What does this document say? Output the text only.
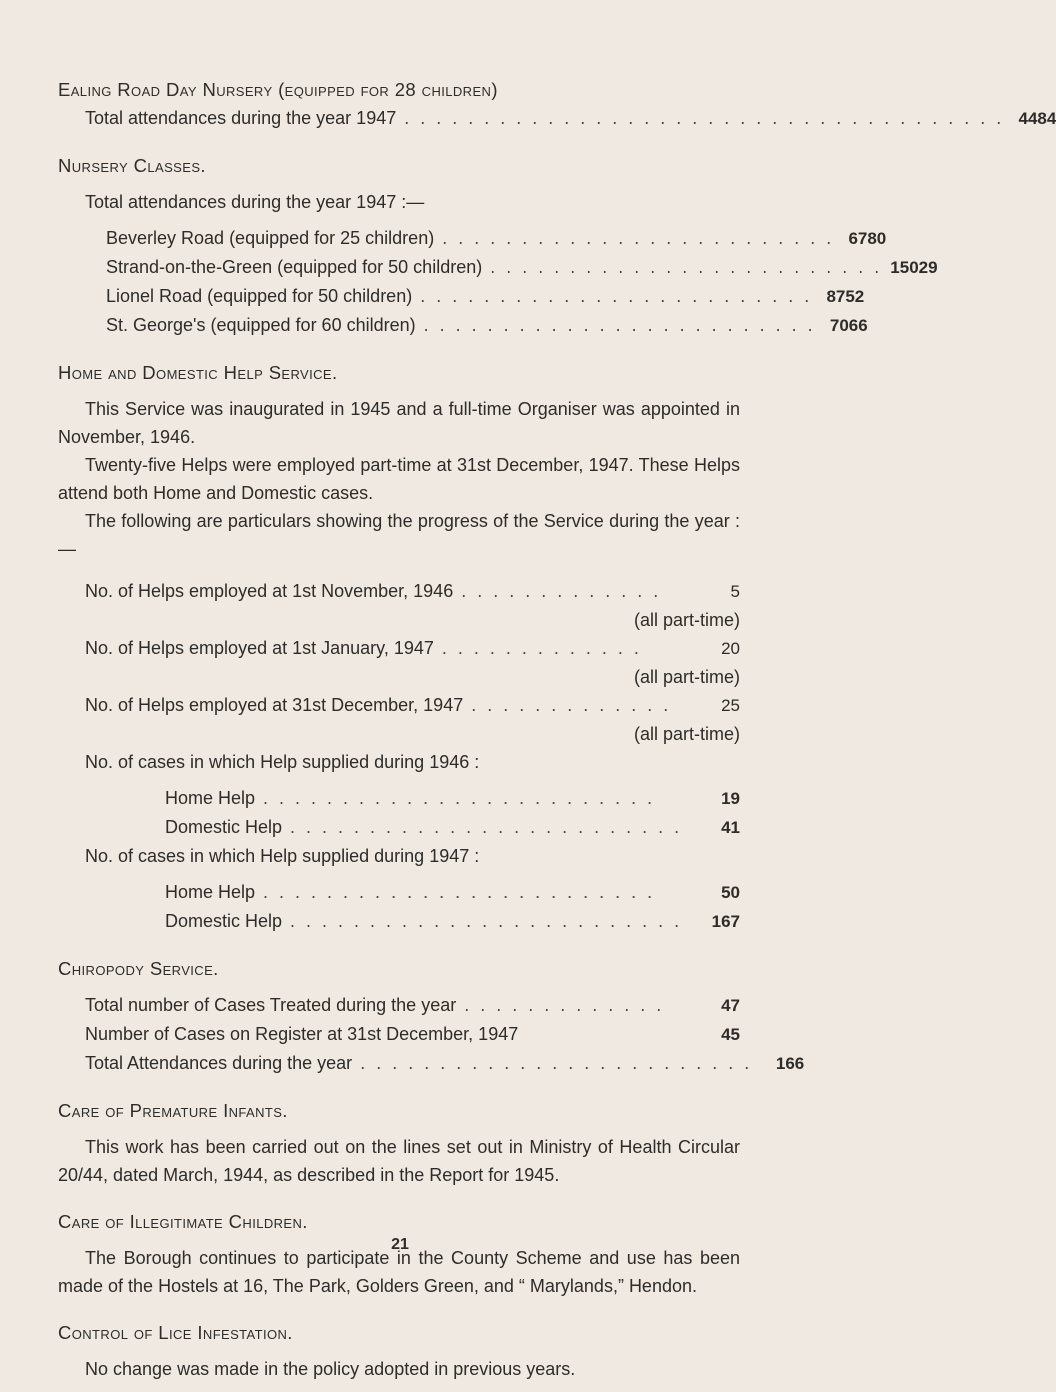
Ealing Road Day Nursery (equipped for 28 children)
Total attendances during the year 1947 . . . . . . . . . . . . . . . . . . . . . . . . . . . . . . . . . . . . . . 4484
Nursery Classes.
Total attendances during the year 1947 :—
Beverley Road (equipped for 25 children) . . . . . . . . . . . . . . . . . . . . . . . . . 6780
Strand-on-the-Green (equipped for 50 children) . . . . . . . . . . . . . . . . . . . . . . . . . 15029
Lionel Road (equipped for 50 children) . . . . . . . . . . . . . . . . . . . . . . . . . 8752
St. George's (equipped for 60 children) . . . . . . . . . . . . . . . . . . . . . . . . . 7066
Home and Domestic Help Service.

This Service was inaugurated in 1945 and a full-time Organiser was appointed in November, 1946.

Twenty-five Helps were employed part-time at 31st December, 1947. These Helps attend both Home and Domestic cases.

The following are particulars showing the progress of the Service during the year :—

No. of Helps employed at 1st November, 1946 . . . . . . . . . . . . .	5
(all part-time)
No. of Helps employed at 1st January, 1947 . . . . . . . . . . . . .	20
(all part-time)
No. of Helps employed at 31st December, 1947 . . . . . . . . . . . . .	25
(all part-time)
No. of cases in which Help supplied during 1946 :
Home Help . . . . . . . . . . . . . . . . . . . . . . . . .	19
Domestic Help . . . . . . . . . . . . . . . . . . . . . . . . .	41
No. of cases in which Help supplied during 1947 :
Home Help . . . . . . . . . . . . . . . . . . . . . . . . .	50
Domestic Help . . . . . . . . . . . . . . . . . . . . . . . . .	167
Chiropody Service.
Total number of Cases Treated during the year . . . . . . . . . . . . .	47
Number of Cases on Register at 31st December, 1947	45
Total Attendances during the year . . . . . . . . . . . . . . . . . . . . . . . . .	166
Care of Premature Infants.

This work has been carried out on the lines set out in Ministry of Health Circular 20/44, dated March, 1944, as described in the Report for 1945.

Care of Illegitimate Children.

The Borough continues to participate in the County Scheme and use has been made of the Hostels at 16, The Park, Golders Green, and “ Marylands,” Hendon.

Control of Lice Infestation.

No change was made in the policy adopted in previous years.

21
